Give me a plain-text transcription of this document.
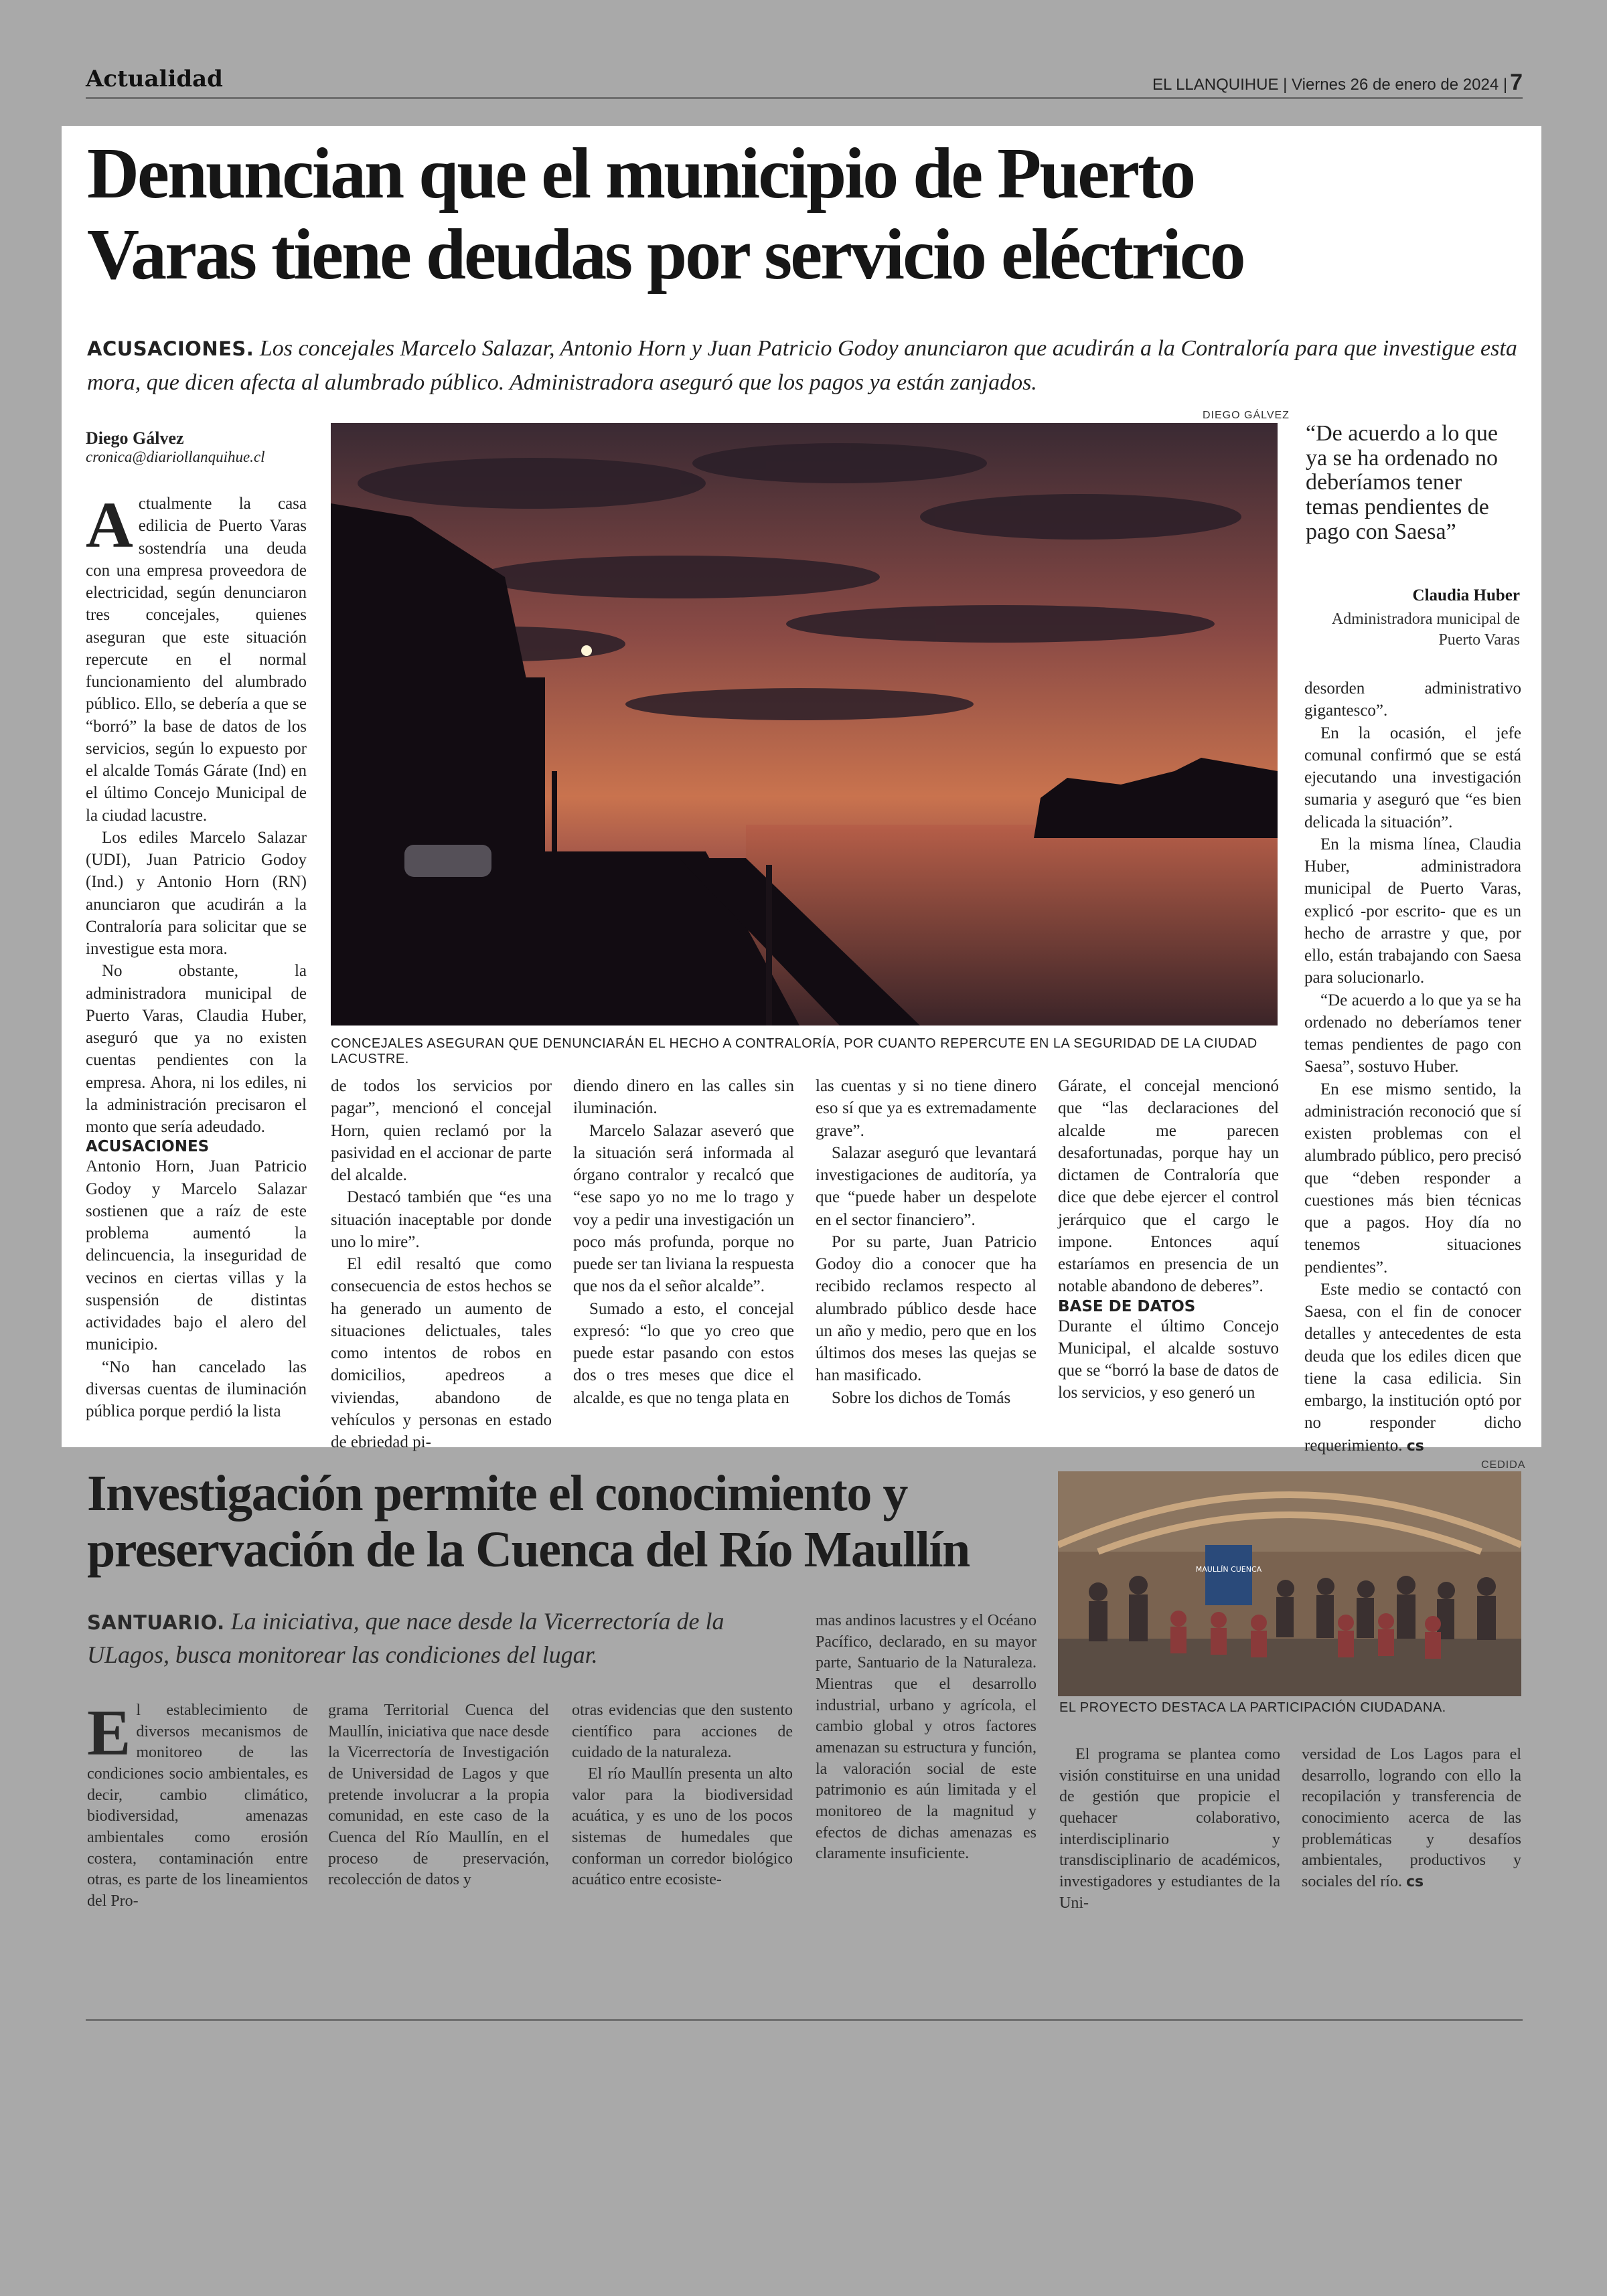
Actualidad	EL LLANQUIHUE | Viernes 26 de enero de 2024 | 7
Denuncian que el municipio de Puerto
Varas tiene deudas por servicio eléctrico
ACUSACIONES. Los concejales Marcelo Salazar, Antonio Horn y Juan Patricio Godoy anunciaron que acudirán a la Contraloría para que investigue esta mora, que dicen afecta al alumbrado público. Administradora aseguró que los pagos ya están zanjados.
DIEGO GÁLVEZ
CONCEJALES ASEGURAN QUE DENUNCIARÁN EL HECHO A CONTRALORÍA, POR CUANTO REPERCUTE EN LA SEGURIDAD DE LA CIUDAD LACUSTRE.
Diego Gálvez
cronica@diariollanquihue.cl

Actualmente la casa edilicia de Puerto Varas sostendría una deuda con una empresa proveedora de electricidad, según denunciaron tres concejales, quienes aseguran que este situación repercute en el normal funcionamiento del alumbrado público. Ello, se debería a que se “borró” la base de datos de los servicios, según lo expuesto por el alcalde Tomás Gárate (Ind) en el último Concejo Municipal de la ciudad lacustre.

Los ediles Marcelo Salazar (UDI), Juan Patricio Godoy (Ind.) y Antonio Horn (RN) anunciaron que acudirán a la Contraloría para solicitar que se investigue esta mora.

No obstante, la administradora municipal de Puerto Varas, Claudia Huber, aseguró que ya no existen cuentas pendientes con la empresa. Ahora, ni los ediles, ni la administración precisaron el monto que sería adeudado.

ACUSACIONES

Antonio Horn, Juan Patricio Godoy y Marcelo Salazar sostienen que a raíz de este problema aumentó la delincuencia, la inseguridad de vecinos en ciertas villas y la suspensión de distintas actividades bajo el alero del municipio.

“No han cancelado las diversas cuentas de iluminación pública porque perdió la lista

de todos los servicios por pagar”, mencionó el concejal Horn, quien reclamó por la pasividad en el accionar de parte del alcalde.

Destacó también que “es una situación inaceptable por donde uno lo mire”.

El edil resaltó que como consecuencia de estos hechos se ha generado un aumento de situaciones delictuales, tales como intentos de robos en domicilios, apedreos a viviendas, abandono de vehículos y personas en estado de ebriedad pi-

diendo dinero en las calles sin iluminación.

Marcelo Salazar aseveró que la situación será informada al órgano contralor y recalcó que “ese sapo yo no me lo trago y voy a pedir una investigación un poco más profunda, porque no puede ser tan liviana la respuesta que nos da el señor alcalde”.

Sumado a esto, el concejal expresó: “lo que yo creo que puede estar pasando con estos dos o tres meses que dice el alcalde, es que no tenga plata en

las cuentas y si no tiene dinero eso sí que ya es extremadamente grave”.

Salazar aseguró que levantará investigaciones de auditoría, ya que “puede haber un despelote en el sector financiero”.

Por su parte, Juan Patricio Godoy dio a conocer que ha recibido reclamos respecto al alumbrado público desde hace un año y medio, pero que en los últimos dos meses las quejas se han masificado.

Sobre los dichos de Tomás

Gárate, el concejal mencionó que “las declaraciones del alcalde me parecen desafortunadas, porque hay un dictamen de Contraloría que dice que debe ejercer el control jerárquico que el cargo le impone. Entonces aquí estaríamos en presencia de un notable abandono de deberes”.

BASE DE DATOS

Durante el último Concejo Municipal, el alcalde sostuvo que se “borró la base de datos de los servicios, y eso generó un

“De acuerdo a lo que ya se ha ordenado no deberíamos tener temas pendientes de pago con Saesa”
Claudia Huber
Administradora municipal de Puerto Varas

desorden administrativo gigantesco”.

En la ocasión, el jefe comunal confirmó que se está ejecutando una investigación sumaria y aseguró que “es bien delicada la situación”.

En la misma línea, Claudia Huber, administradora municipal de Puerto Varas, explicó -por escrito- que es un hecho de arrastre y que, por ello, están trabajando con Saesa para solucionarlo.

“De acuerdo a lo que ya se ha ordenado no deberíamos tener temas pendientes de pago con Saesa”, sostuvo Huber.

En ese mismo sentido, la administración reconoció que sí existen problemas con el alumbrado público, pero precisó que “deben responder a cuestiones más bien técnicas que a pagos. Hoy día no tenemos situaciones pendientes”.

Este medio se contactó con Saesa, con el fin de conocer detalles y antecedentes de esta deuda que los ediles dicen que tiene la casa edilicia. Sin embargo, la institución optó por no responder dicho requerimiento. cs

Investigación permite el conocimiento y
preservación de la Cuenca del Río Maullín
SANTUARIO. La iniciativa, que nace desde la Vicerrectoría de la ULagos, busca monitorear las condiciones del lugar.
CEDIDA
MAULLÍN CUENCA
EL PROYECTO DESTACA LA PARTICIPACIÓN CIUDADANA.

El establecimiento de diversos mecanismos de monitoreo de las condiciones socio ambientales, es decir, cambio climático, biodiversidad, amenazas ambientales como erosión costera, contaminación entre otras, es parte de los lineamientos del Pro-

grama Territorial Cuenca del Maullín, iniciativa que nace desde la Vicerrectoría de Investigación de Universidad de Lagos y que pretende involucrar a la propia comunidad, en este caso de la Cuenca del Río Maullín, en el proceso de preservación, recolección de datos y

otras evidencias que den sustento científico para acciones de cuidado de la naturaleza.

El río Maullín presenta un alto valor para la biodiversidad acuática, y es uno de los pocos sistemas de humedales que conforman un corredor biológico acuático entre ecosiste-

mas andinos lacustres y el Océano Pacífico, declarado, en su mayor parte, Santuario de la Naturaleza. Mientras que el desarrollo industrial, urbano y agrícola, el cambio global y otros factores amenazan su estructura y función, la valoración social de este patrimonio es aún limitada y el monitoreo de la magnitud y efectos de dichas amenazas es claramente insuficiente.

El programa se plantea como visión constituirse en una unidad de gestión que propicie el quehacer colaborativo, interdisciplinario y transdisciplinario de académicos, investigadores y estudiantes de la Uni-

versidad de Los Lagos para el desarrollo, logrando con ello la recopilación y transferencia de conocimiento acerca de las problemáticas y desafíos ambientales, productivos y sociales del río. cs
